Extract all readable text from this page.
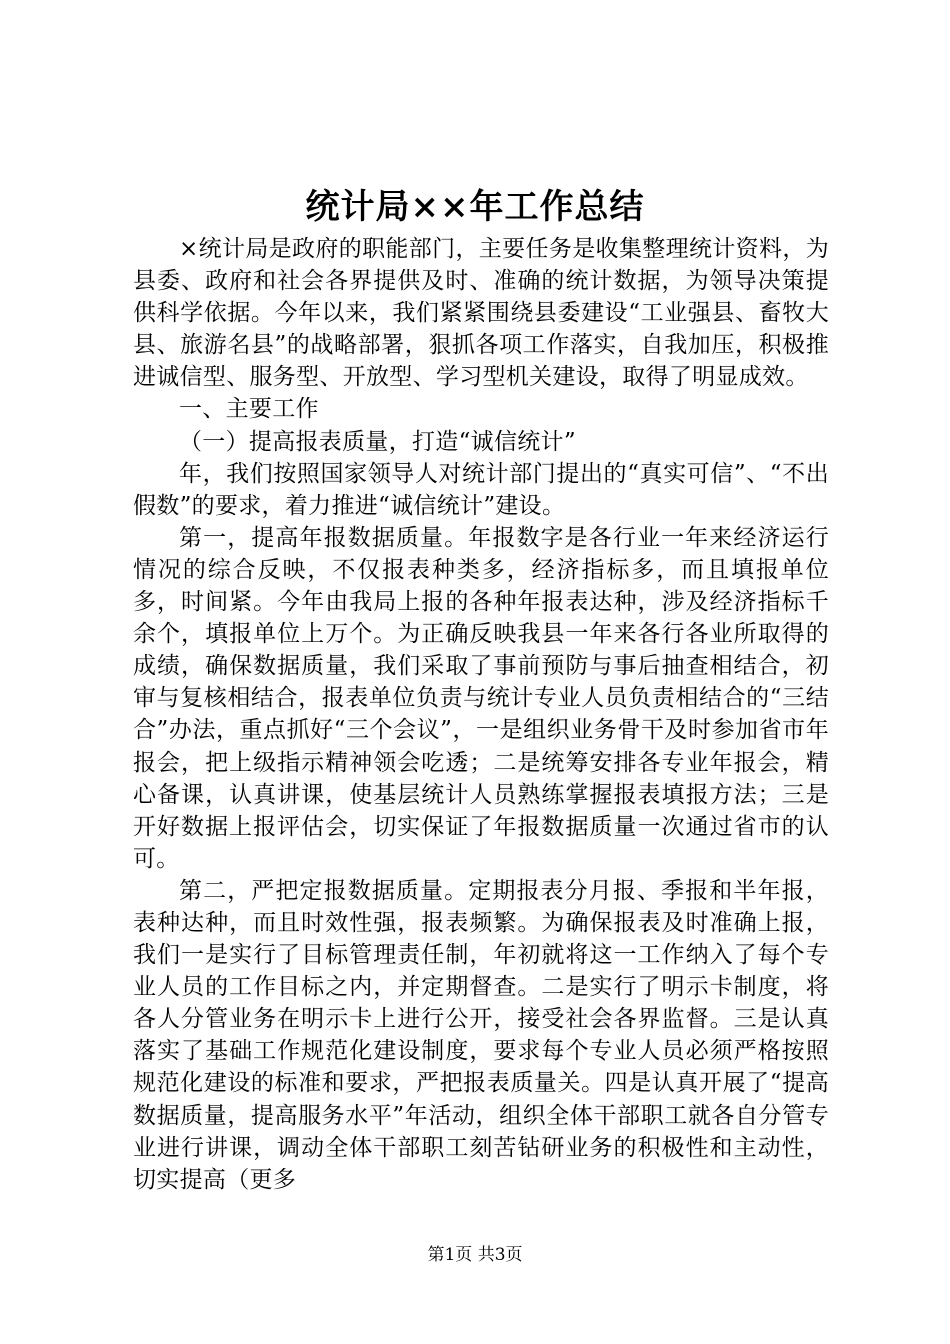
统计局××年工作总结

×统计局是政府的职能部门，主要任务是收集整理统计资料，为县委、政府和社会各界提供及时、准确的统计数据，为领导决策提供科学依据。今年以来，我们紧紧围绕县委建设“工业强县、畜牧大县、旅游名县”的战略部署，狠抓各项工作落实，自我加压，积极推进诚信型、服务型、开放型、学习型机关建设，取得了明显成效。

一、主要工作

（一）提高报表质量，打造“诚信统计”

年，我们按照国家领导人对统计部门提出的“真实可信”、“不出假数”的要求，着力推进“诚信统计”建设。

第一，提高年报数据质量。年报数字是各行业一年来经济运行情况的综合反映，不仅报表种类多，经济指标多，而且填报单位多，时间紧。今年由我局上报的各种年报表达种，涉及经济指标千余个，填报单位上万个。为正确反映我县一年来各行各业所取得的成绩，确保数据质量，我们采取了事前预防与事后抽查相结合，初审与复核相结合，报表单位负责与统计专业人员负责相结合的“三结合”办法，重点抓好“三个会议”，一是组织业务骨干及时参加省市年报会，把上级指示精神领会吃透；二是统筹安排各专业年报会，精心备课，认真讲课，使基层统计人员熟练掌握报表填报方法；三是开好数据上报评估会，切实保证了年报数据质量一次通过省市的认可。

第二，严把定报数据质量。定期报表分月报、季报和半年报，表种达种，而且时效性强，报表频繁。为确保报表及时准确上报，我们一是实行了目标管理责任制，年初就将这一工作纳入了每个专业人员的工作目标之内，并定期督查。二是实行了明示卡制度，将各人分管业务在明示卡上进行公开，接受社会各界监督。三是认真落实了基础工作规范化建设制度，要求每个专业人员必须严格按照规范化建设的标准和要求，严把报表质量关。四是认真开展了“提高数据质量，提高服务水平”年活动，组织全体干部职工就各自分管专业进行讲课，调动全体干部职工刻苦钻研业务的积极性和主动性，切实提高（更多

第1页 共3页
